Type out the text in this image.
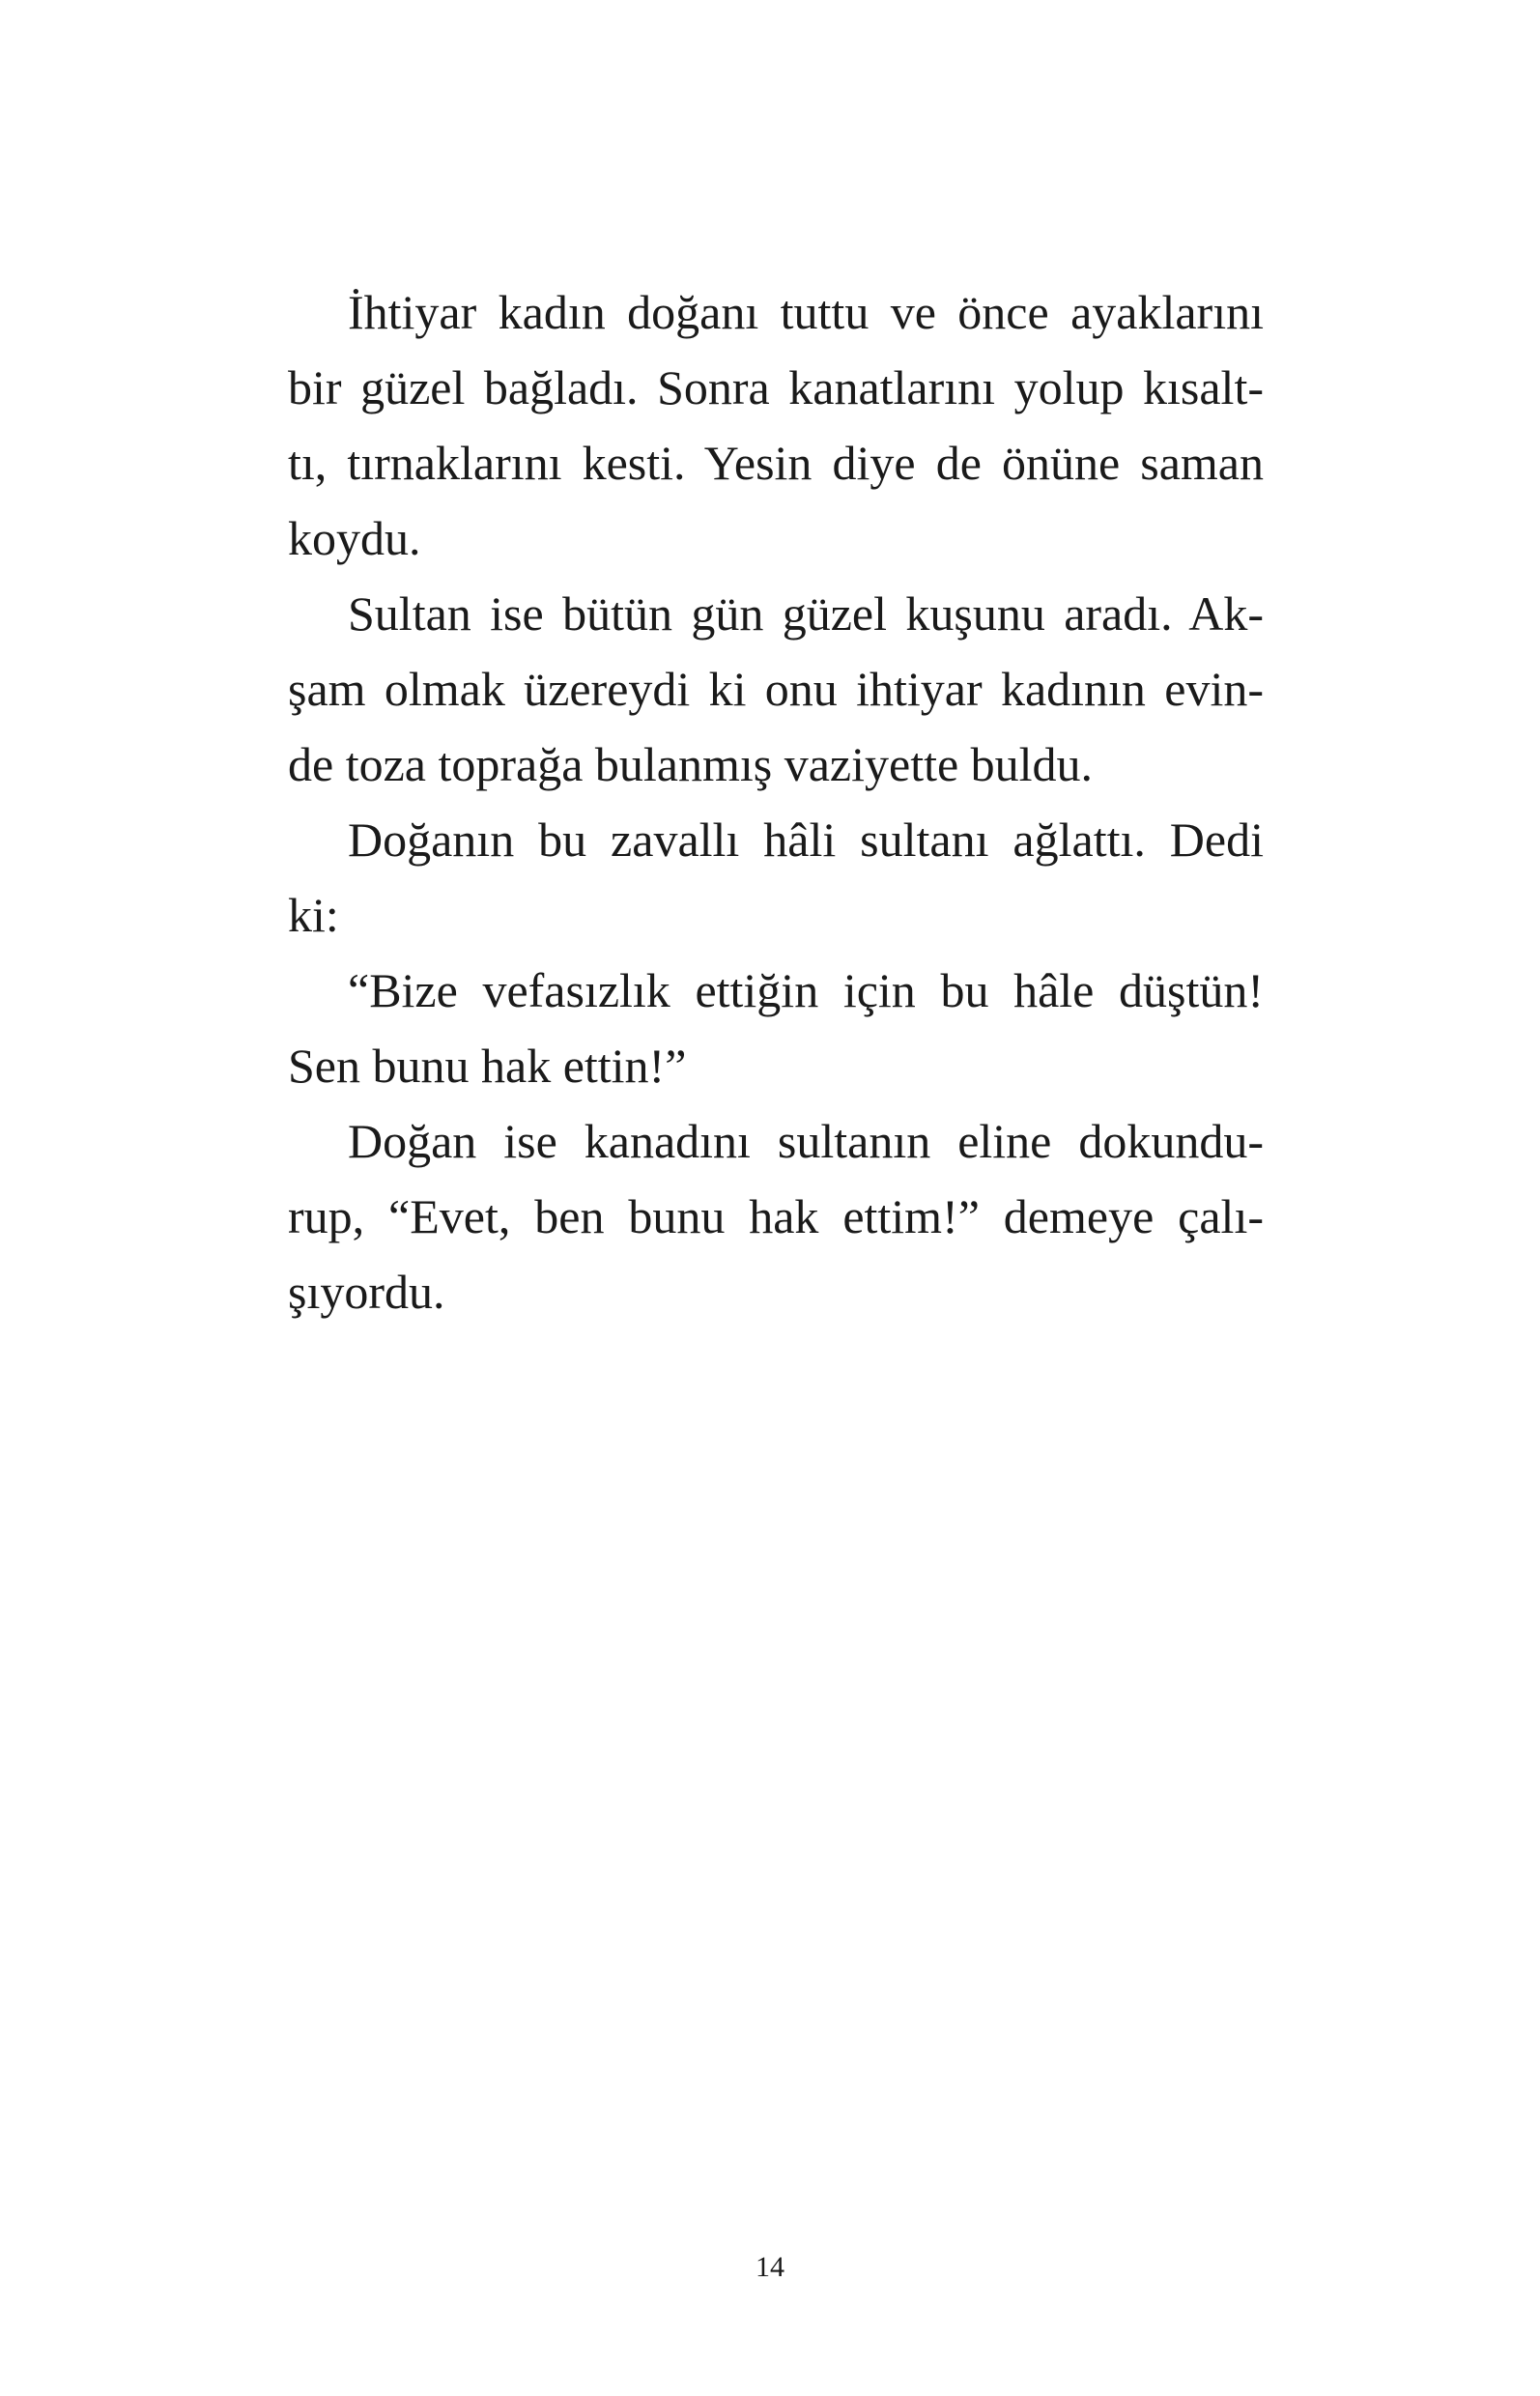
İhtiyar kadın doğanı tuttu ve önce ayaklarını
bir güzel bağladı. Sonra kanatlarını yolup kısalt-
tı, tırnaklarını kesti. Yesin diye de önüne saman
koydu.
Sultan ise bütün gün güzel kuşunu aradı. Ak-
şam olmak üzereydi ki onu ihtiyar kadının evin-
de toza toprağa bulanmış vaziyette buldu.
Doğanın bu zavallı hâli sultanı ağlattı. Dedi
ki:
“Bize vefasızlık ettiğin için bu hâle düştün!
Sen bunu hak ettin!”
Doğan ise kanadını sultanın eline dokundu-
rup, “Evet, ben bunu hak ettim!” demeye çalı-
şıyordu.
14
